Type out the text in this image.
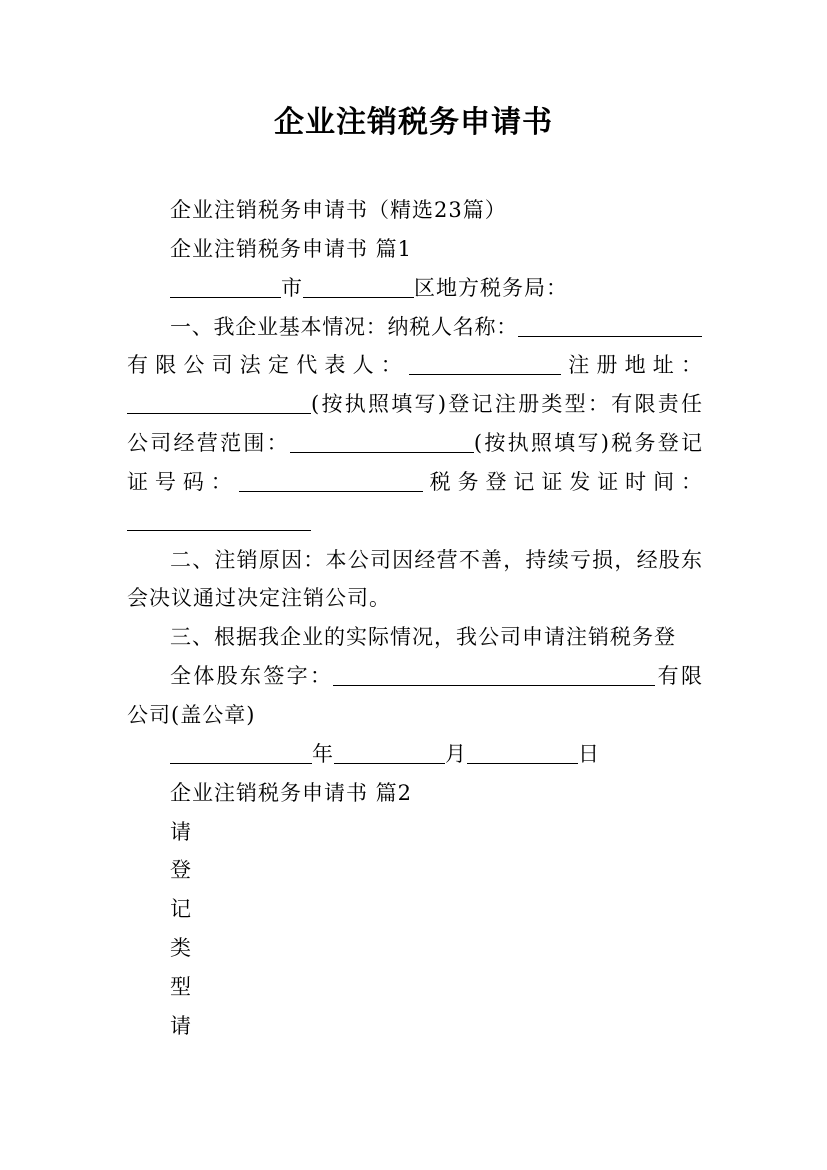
企业注销税务申请书
企业注销税务申请书（精选23篇）
企业注销税务申请书 篇1
市	区地方税务局：
一、我企业基本情况：纳税人名称：
有限公司法定代表人：	注册地址：
(按执照填写)登记注册类型：有限责任
公司经营范围：	(按执照填写)税务登记
证号码：	税务登记证发证时间：
二、注销原因：本公司因经营不善，持续亏损，经股东
会决议通过决定注销公司。
三、根据我企业的实际情况，我公司申请注销税务登
全体股东签字：	有限
公司(盖公章)
年	月	日
企业注销税务申请书 篇2
请
登
记
类
型
请
